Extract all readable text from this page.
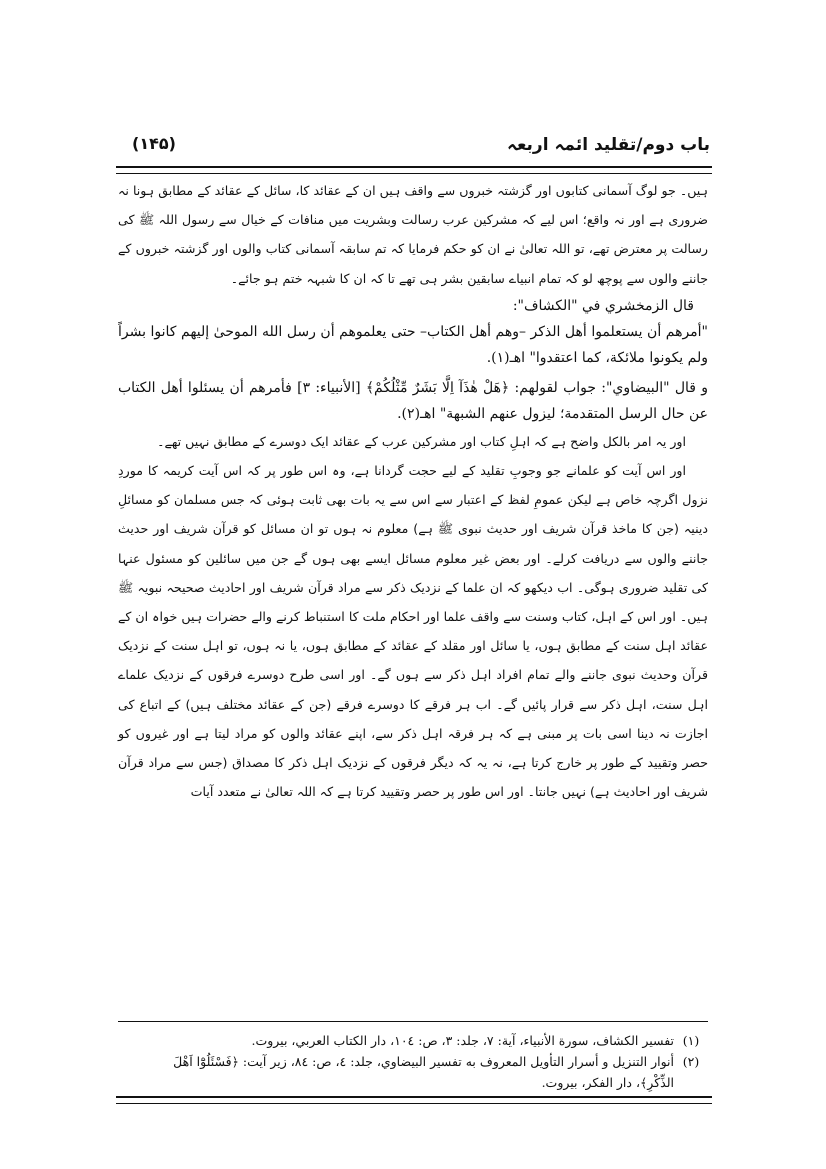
باب دوم/تقلید ائمہ اربعہ
(۱۴۵)

ہیں۔ جو لوگ آسمانی کتابوں اور گزشتہ خبروں سے واقف ہیں ان کے عقائد کا، سائل کے عقائد کے مطابق ہونا نہ ضروری ہے اور نہ واقع؛ اس لیے کہ مشرکین عرب رسالت وبشریت میں منافات کے خیال سے رسول اللہ ﷺ کی رسالت پر معترض تھے، تو اللہ تعالیٰ نے ان کو حکم فرمایا کہ تم سابقہ آسمانی کتاب والوں اور گزشتہ خبروں کے جاننے والوں سے پوچھ لو کہ تمام انبیاے سابقین بشر ہی تھے تا کہ ان کا شبہہ ختم ہو جائے۔

قال الزمخشري في "الكشاف":

"أمرهم أن يستعلموا أهل الذكر –وهم أهل الكتاب– حتى يعلموهم أن رسل الله الموحىٰ إليهم كانوا بشراً ولم يكونوا ملائكة، كما اعتقدوا" اهـ(١).

و قال "البيضاوي": جواب لقولهم: ﴿هَلْ هٰذَآ اِلَّا بَشَرٌ مِّثْلُكُمْ﴾ [الأنبياء: ٣] فأمرهم أن يسئلوا أهل الكتاب عن حال الرسل المتقدمة؛ ليزول عنهم الشبهة" اهـ(٢).

اور یہ امر بالکل واضح ہے کہ اہلِ کتاب اور مشرکین عرب کے عقائد ایک دوسرے کے مطابق نہیں تھے۔

اور اس آیت کو علمانے جو وجوبِ تقلید کے لیے حجت گردانا ہے، وہ اس طور پر کہ اس آیت کریمہ کا موردِ نزول اگرچہ خاص ہے لیکن عمومِ لفظ کے اعتبار سے اس سے یہ بات بھی ثابت ہوئی کہ جس مسلمان کو مسائلِ دینیہ (جن کا ماخذ قرآن شریف اور حدیث نبوی ﷺ ہے) معلوم نہ ہوں تو ان مسائل کو قرآن شریف اور حدیث جاننے والوں سے دریافت کرلے۔ اور بعض غیر معلوم مسائل ایسے بھی ہوں گے جن میں سائلین کو مسئول عنہا کی تقلید ضروری ہوگی۔ اب دیکھو کہ ان علما کے نزدیک ذکر سے مراد قرآن شریف اور احادیث صحیحہ نبویہ ﷺ ہیں۔ اور اس کے اہل، کتاب وسنت سے واقف علما اور احکام ملت کا استنباط کرنے والے حضرات ہیں خواہ ان کے عقائد اہل سنت کے مطابق ہوں، یا سائل اور مقلد کے عقائد کے مطابق ہوں، یا نہ ہوں، تو اہل سنت کے نزدیک قرآن وحدیث نبوی جاننے والے تمام افراد اہل ذکر سے ہوں گے۔ اور اسی طرح دوسرے فرقوں کے نزدیک علماے اہل سنت، اہل ذکر سے قرار پائیں گے۔ اب ہر فرقے کا دوسرے فرقے (جن کے عقائد مختلف ہیں) کے اتباع کی اجازت نہ دینا اسی بات پر مبنی ہے کہ ہر فرقہ اہل ذکر سے، اپنے عقائد والوں کو مراد لیتا ہے اور غیروں کو حصر وتقیید کے طور پر خارج کرتا ہے، نہ یہ کہ دیگر فرقوں کے نزدیک اہل ذکر کا مصداق (جس سے مراد قرآن شریف اور احادیث ہے) نہیں جانتا۔ اور اس طور پر حصر وتقیید کرتا ہے کہ اللہ تعالیٰ نے متعدد آیات

(١)
تفسير الكشاف، سورة الأنبياء، آية: ٧، جلد: ٣، ص: ١٠٤، دار الكتاب العربي، بيروت.
(٢)
أنوار التنزيل و أسرار التأويل المعروف به تفسير البيضاوي، جلد: ٤، ص: ٨٤، زير آيت: ﴿فَسْئَلُوْٓا اَهْلَ الذِّكْرِ﴾، دار الفكر، بيروت.
